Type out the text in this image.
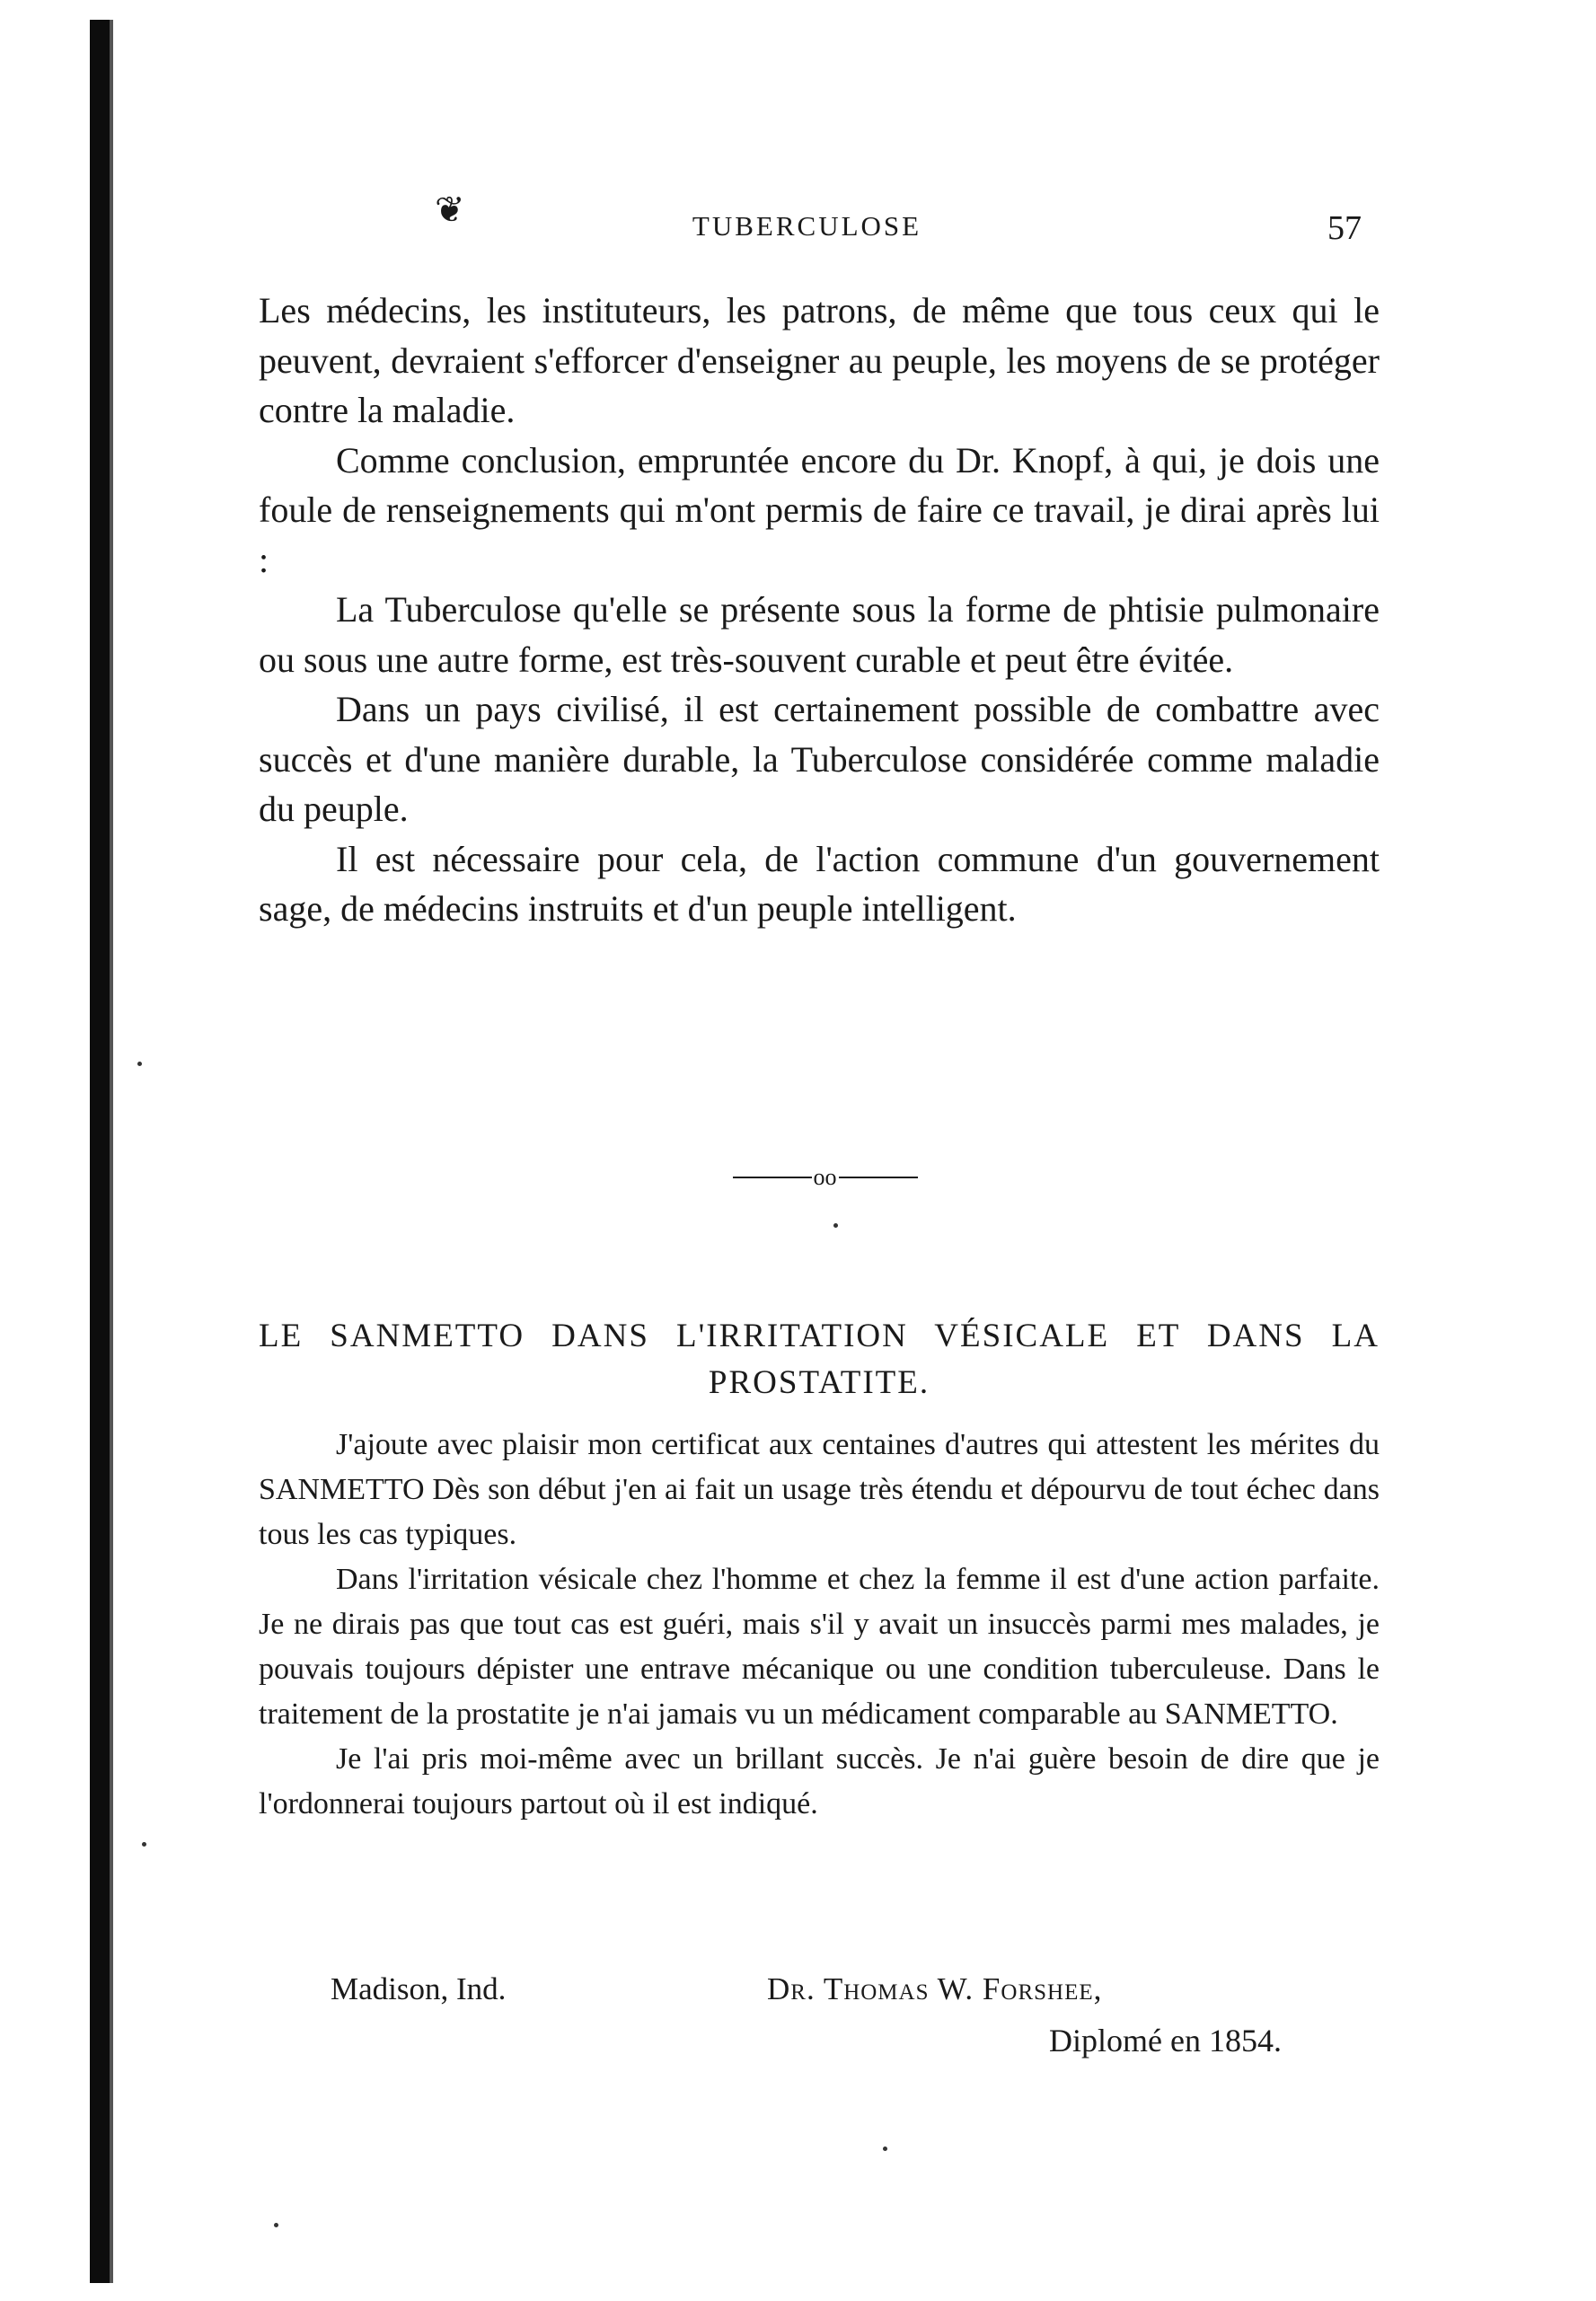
❦	TUBERCULOSE	57

Les médecins, les instituteurs, les patrons, de même que tous ceux qui le peuvent, devraient s'efforcer d'enseigner au peuple, les moyens de se protéger contre la maladie.

Comme conclusion, empruntée encore du Dr. Knopf, à qui, je dois une foule de renseignements qui m'ont permis de faire ce travail, je dirai après lui :

La Tuberculose qu'elle se présente sous la forme de phtisie pulmonaire ou sous une autre forme, est très-souvent curable et peut être évitée.

Dans un pays civilisé, il est certainement possible de combattre avec succès et d'une manière durable, la Tuberculose considérée comme maladie du peuple.

Il est nécessaire pour cela, de l'action commune d'un gouvernement sage, de médecins instruits et d'un peuple intelligent.

oo
LE SANMETTO DANS L'IRRITATION VÉSICALE ET DANS LA PROSTATITE.

J'ajoute avec plaisir mon certificat aux centaines d'autres qui attestent les mérites du SANMETTO Dès son début j'en ai fait un usage très étendu et dépourvu de tout échec dans tous les cas typiques.

Dans l'irritation vésicale chez l'homme et chez la femme il est d'une action parfaite. Je ne dirais pas que tout cas est guéri, mais s'il y avait un insuccès parmi mes malades, je pouvais toujours dépister une entrave mécanique ou une condition tuberculeuse. Dans le traitement de la prostatite je n'ai jamais vu un médicament comparable au SANMETTO.

Je l'ai pris moi-même avec un brillant succès. Je n'ai guère besoin de dire que je l'ordonnerai toujours partout où il est indiqué.

Madison, Ind.	Dr. Thomas W. Forshee,
Diplomé en 1854.
